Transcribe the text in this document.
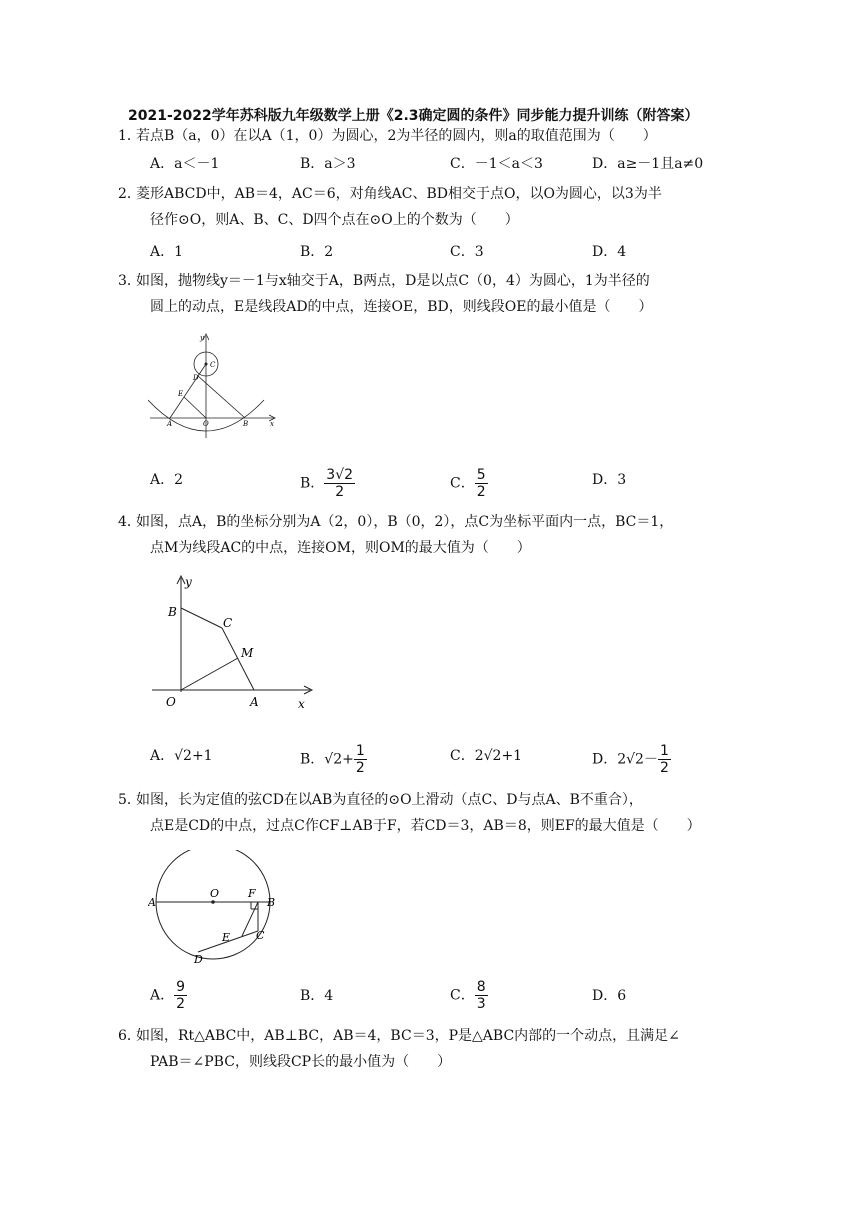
2021-2022学年苏科版九年级数学上册《2.3确定圆的条件》同步能力提升训练（附答案）
1．若点B（a，0）在以A（1，0）为圆心，2为半径的圆内，则a的取值范围为（　　）
A．a＜－1	B．a＞3	C．－1＜a＜3	D．a≥－1且a≠0
2．菱形ABCD中，AB＝4，AC＝6，对角线AC、BD相交于点O，以O为圆心，以3为半
径作⊙O，则A、B、C、D四个点在⊙O上的个数为（　　）
A．1	B．2	C．3	D．4
3．如图，抛物线y＝－1与x轴交于A，B两点，D是以点C（0，4）为圆心，1为半径的
圆上的动点，E是线段AD的中点，连接OE，BD，则线段OE的最小值是（　　）
y
C
D
E
A	O	B	x
A．2	B． $\frac{3√2}{2}$	C． $\frac{5}{2}$	D．3
4．如图，点A，B的坐标分别为A（2，0），B（0，2），点C为坐标平面内一点，BC＝1，
点M为线段AC的中点，连接OM，则OM的最大值为（　　）
y
B
C
M
O	A	x
A．√2+1	B．$√2+ \frac{1}{2}$	C．2√2+1	D．$2√2- \frac{1}{2}$
5．如图，长为定值的弦CD在以AB为直径的⊙O上滑动（点C、D与点A、B不重合），
点E是CD的中点，过点C作CF⊥AB于F，若CD＝3，AB＝8，则EF的最大值是（　　）
A
O	F
B
E C
D
A． $\frac{9}{2}$	B．4	C． $\frac{8}{3}$	D．6
6．如图，Rt△ABC中，AB⊥BC，AB＝4，BC＝3，P是△ABC内部的一个动点，且满足∠
PAB＝∠PBC，则线段CP长的最小值为（　　）
